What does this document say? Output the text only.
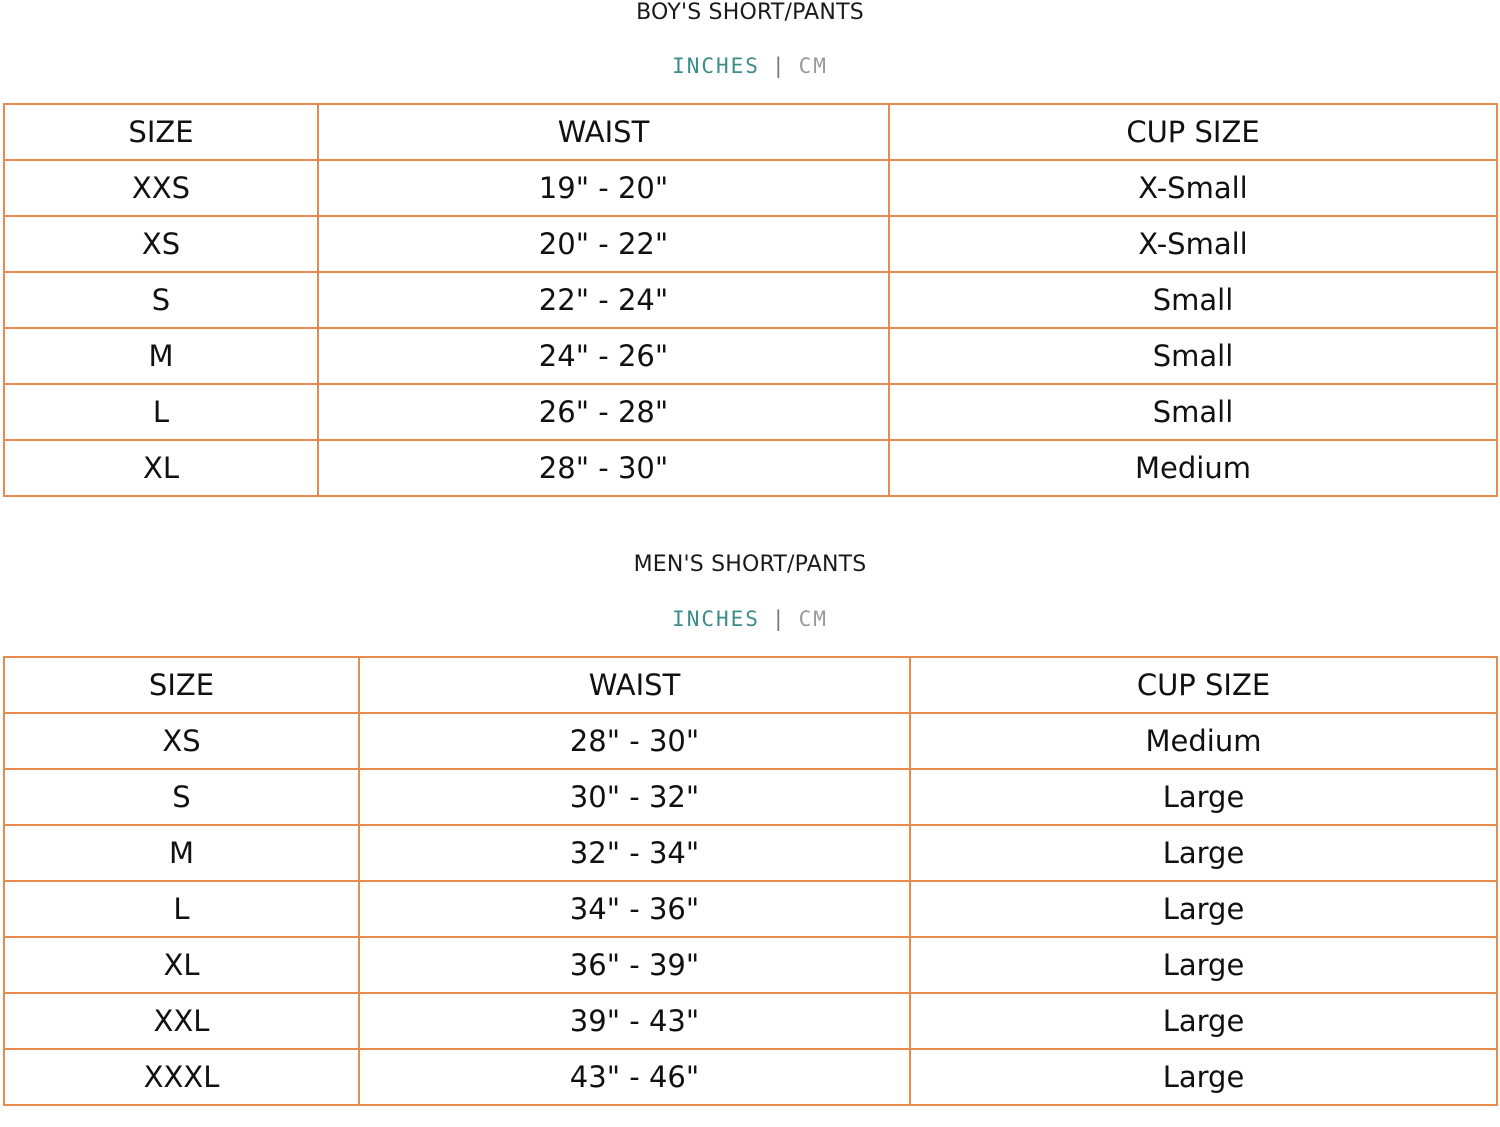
BOY'S SHORT/PANTS
INCHES | CM
SIZE	WAIST	CUP SIZE
XXS	19" - 20"	X-Small
XS	20" - 22"	X-Small
S	22" - 24"	Small
M	24" - 26"	Small
L	26" - 28"	Small
XL	28" - 30"	Medium
MEN'S SHORT/PANTS
INCHES | CM
SIZE	WAIST	CUP SIZE
XS	28" - 30"	Medium
S	30" - 32"	Large
M	32" - 34"	Large
L	34" - 36"	Large
XL	36" - 39"	Large
XXL	39" - 43"	Large
XXXL	43" - 46"	Large
